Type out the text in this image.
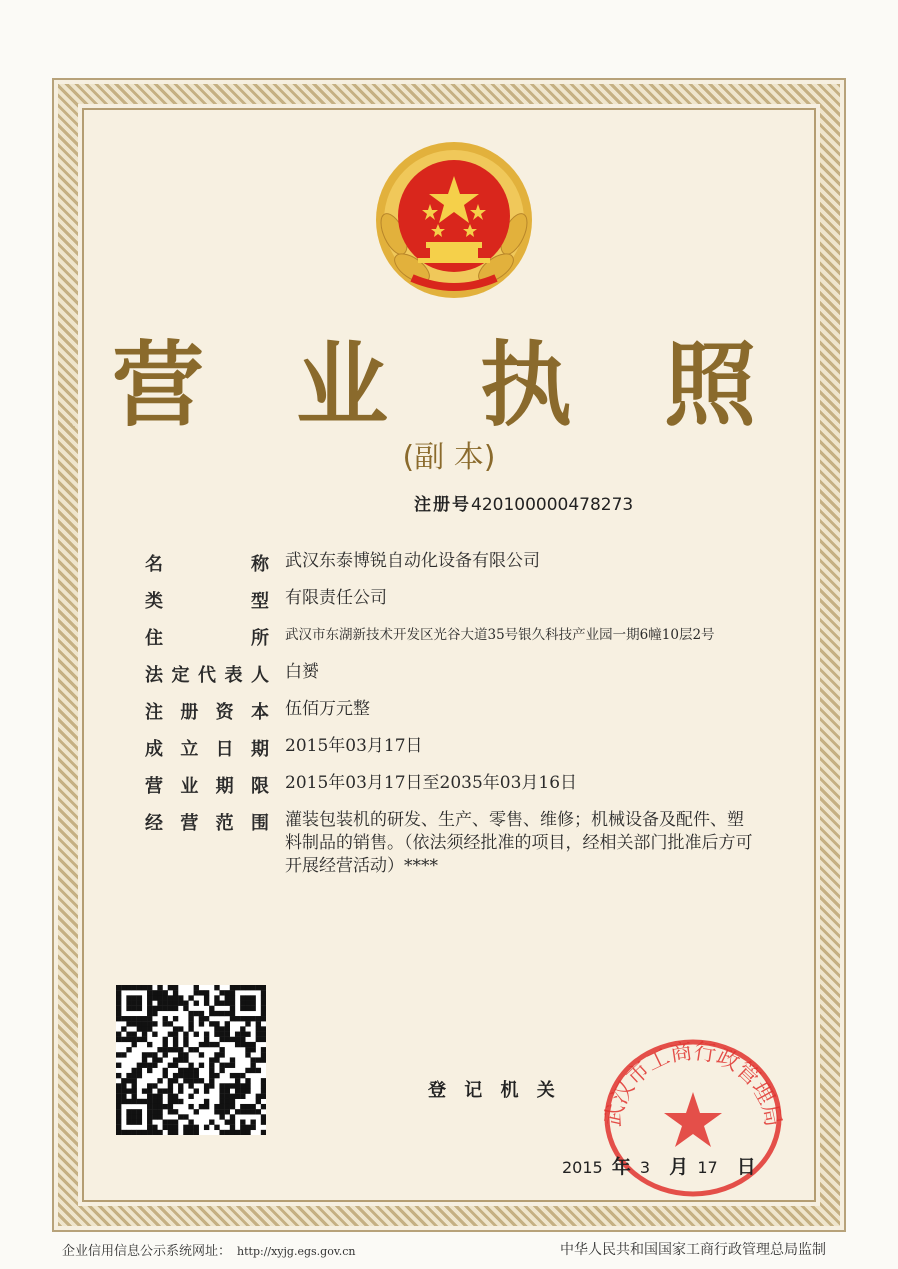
营 业 执 照
(副 本)
注册号420100000478273
名	称 武汉东泰博锐自动化设备有限公司
类	型 有限责任公司
住	所 武汉市东湖新技术开发区光谷大道35号银久科技产业园一期6幢10层2号
法 定 代 表 人 白赟
注 册 资 本 伍佰万元整
成 立 日 期 2015年03月17日
营 业 期 限 2015年03月17日至2035年03月16日
经 营 范 围 灌装包装机的研发、生产、零售、维修；机械设备及配件、塑料制品的销售。（依法须经批准的项目，经相关部门批准后方可开展经营活动）****
登 记 机 关
武汉市工商行政管理局
2015 年 3 月 17 日
企业信用信息公示系统网址： http://xyjg.egs.gov.cn	中华人民共和国国家工商行政管理总局监制
